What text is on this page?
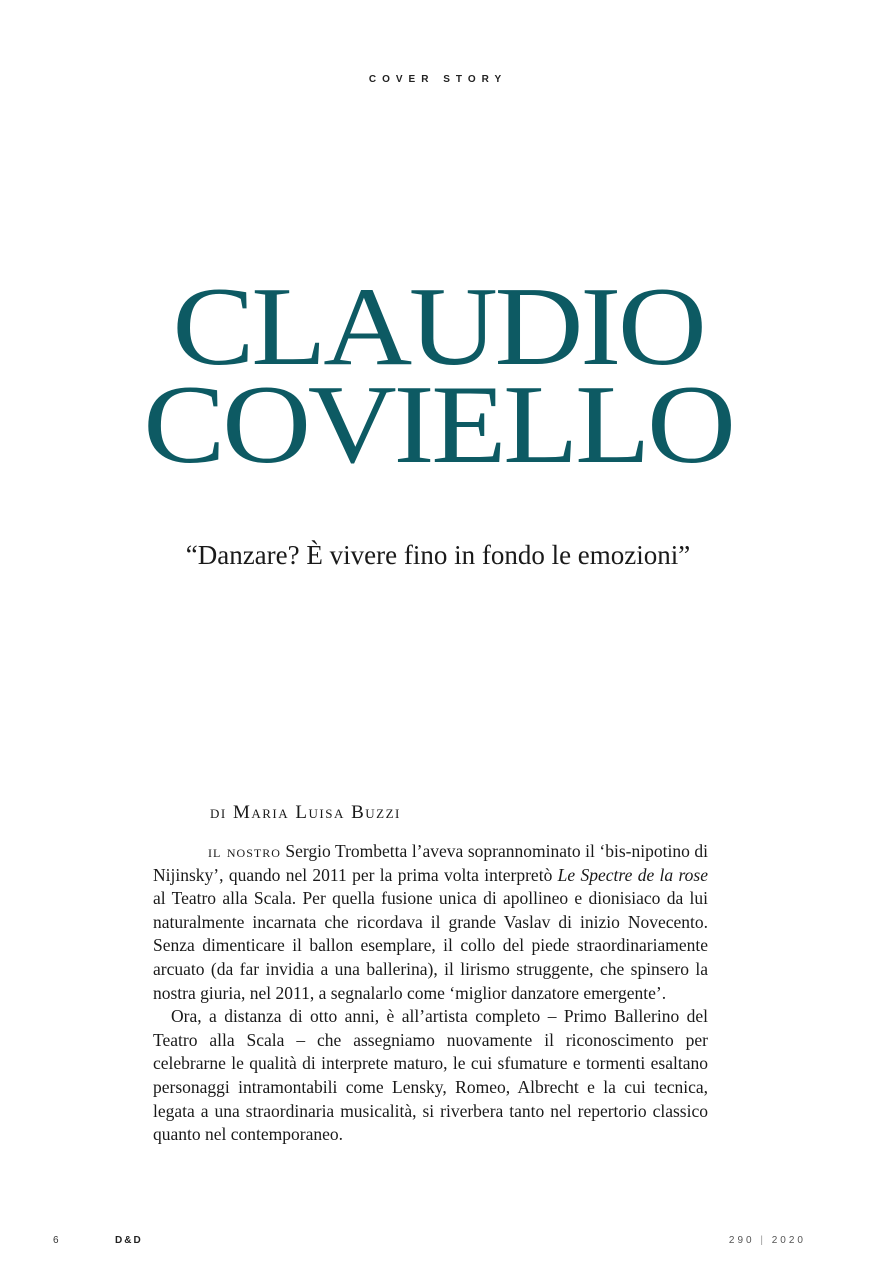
COVER STORY
CLAUDIO
COVIELLO
“Danzare? È vivere fino in fondo le emozioni”
di Maria Luisa Buzzi

il nostro Sergio Trombetta l’aveva soprannominato il ‘bis-nipotino di Nijinsky’, quando nel 2011 per la prima volta interpretò Le Spectre de la rose al Teatro alla Scala. Per quella fusione unica di apollineo e dionisiaco da lui naturalmente incarnata che ricordava il grande Vaslav di inizio Novecento. Senza dimenticare il ballon esemplare, il collo del piede straordinariamente arcuato (da far invidia a una ballerina), il lirismo struggente, che spinsero la nostra giuria, nel 2011, a segnalarlo come ‘miglior danzatore emergente’.

Ora, a distanza di otto anni, è all’artista completo – Primo Ballerino del Teatro alla Scala – che assegniamo nuovamente il riconoscimento per celebrarne le qualità di interprete maturo, le cui sfumature e tormenti esaltano personaggi intramontabili come Lensky, Romeo, Albrecht e la cui tecnica, legata a una straordinaria musicalità, si riverbera tanto nel repertorio classico quanto nel contemporaneo.

6	D&D	290 | 2020
